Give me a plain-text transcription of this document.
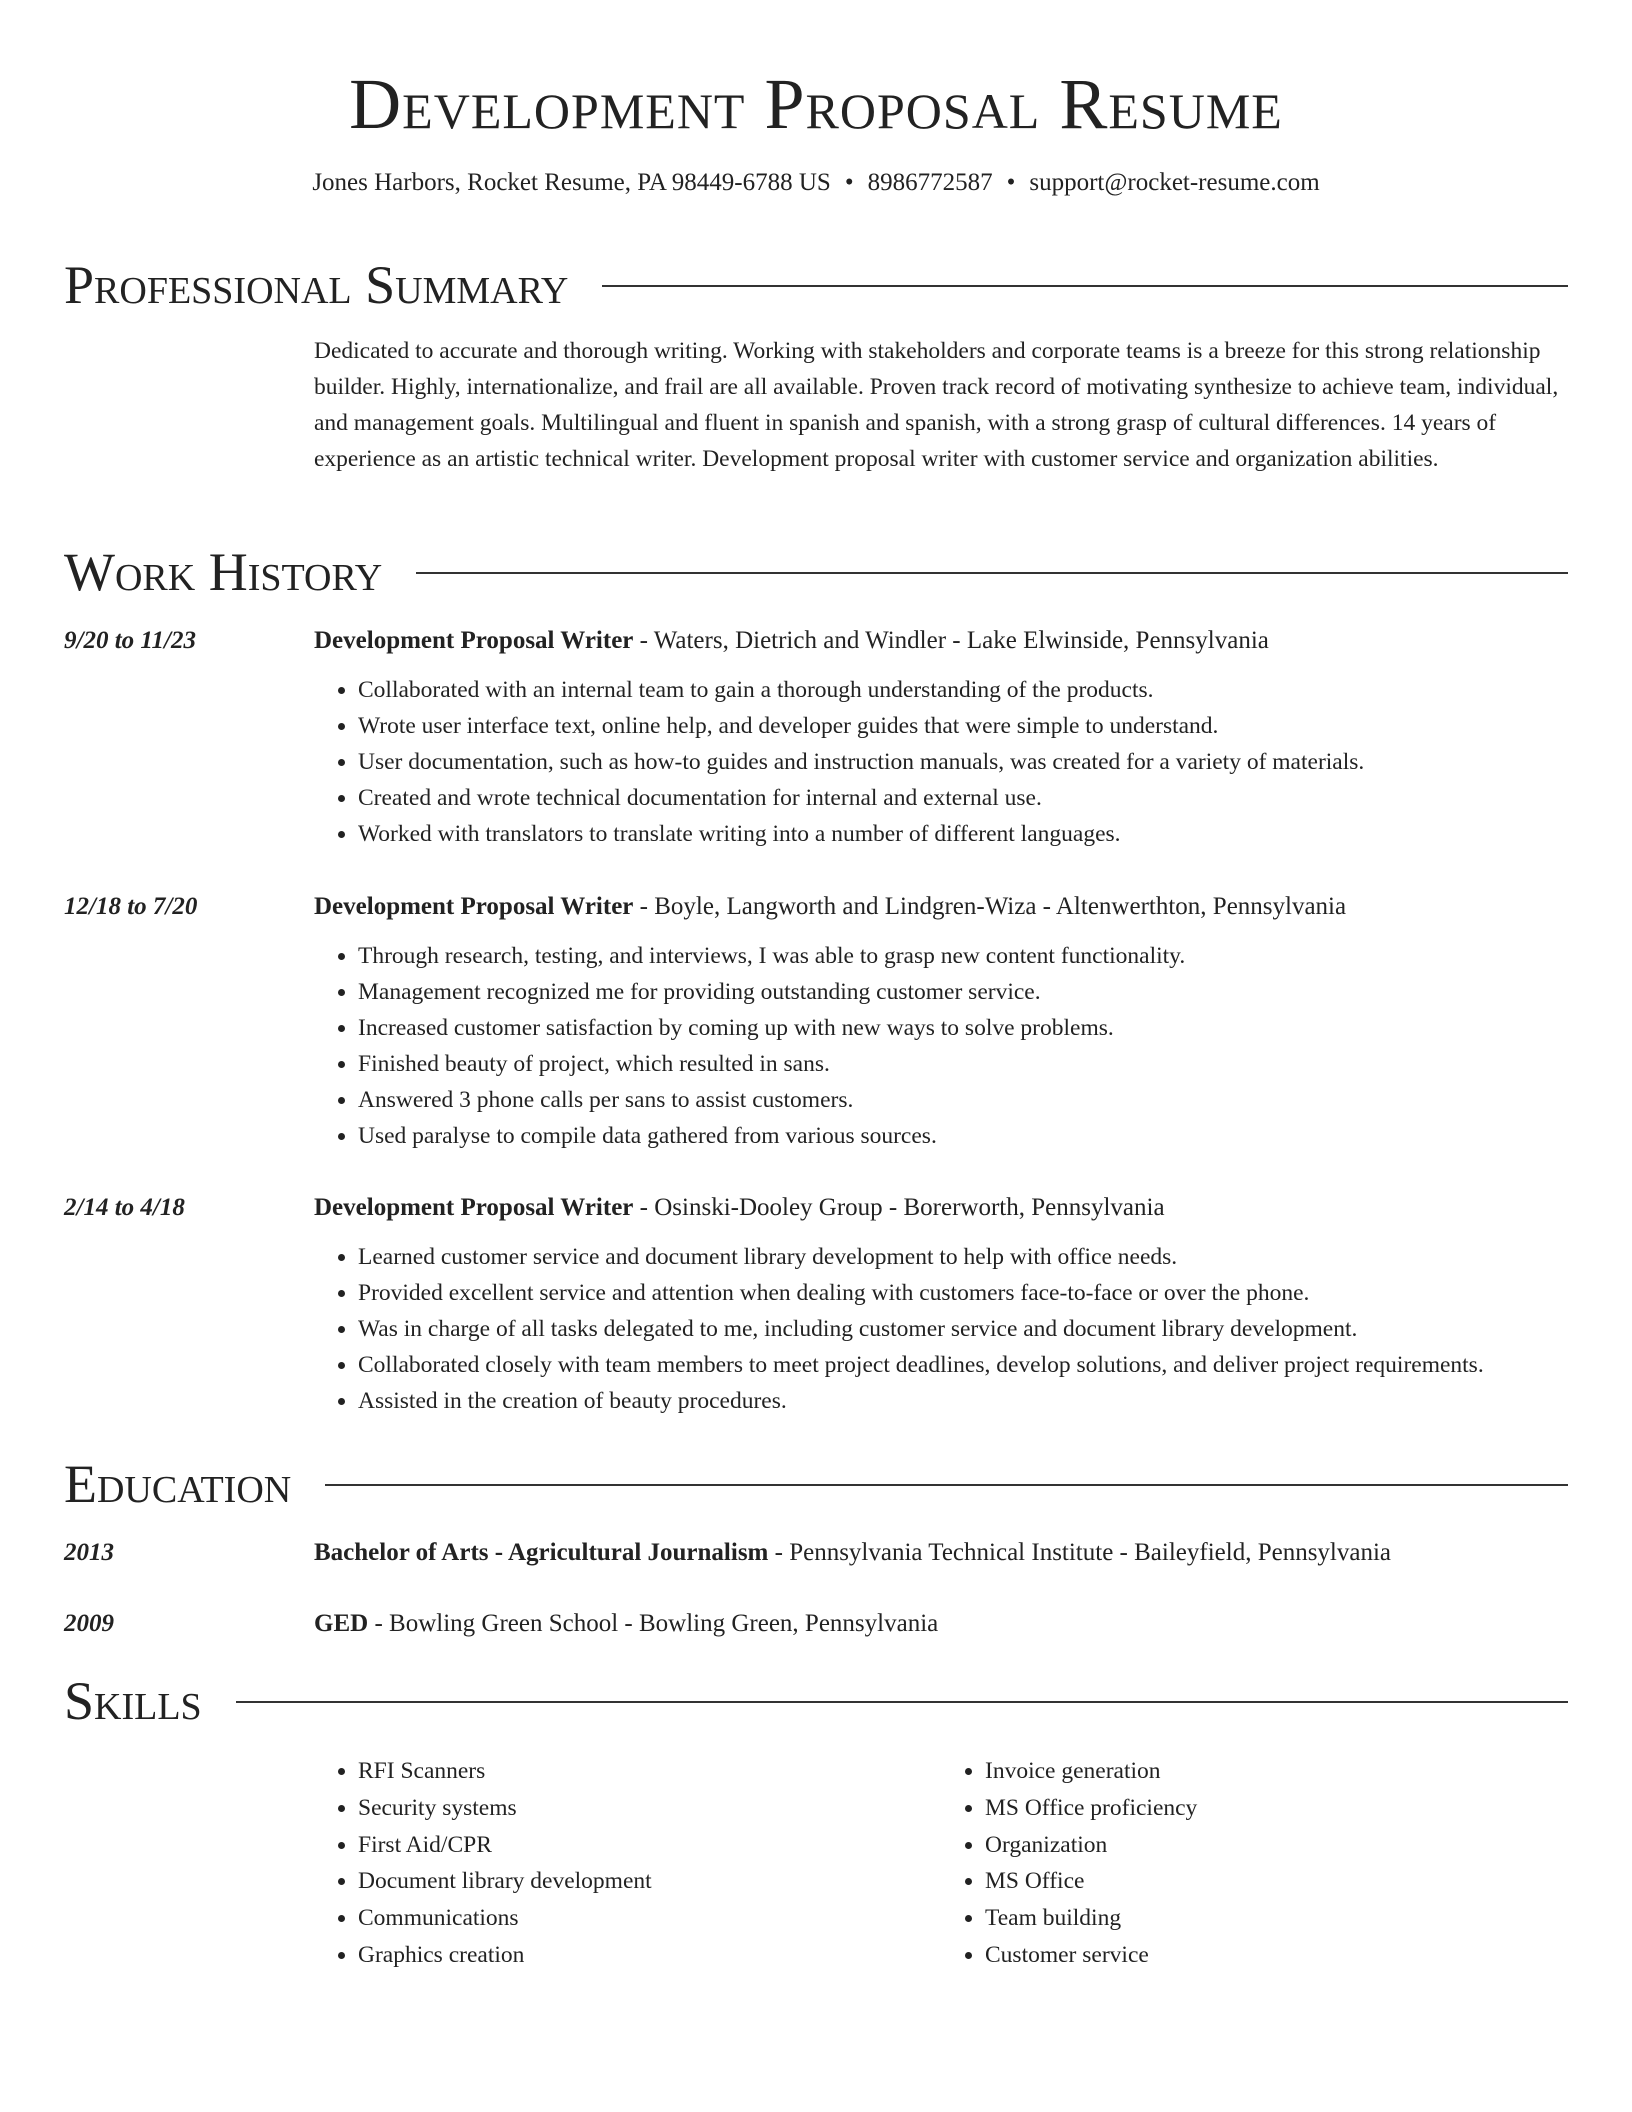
Development Proposal Resume
Jones Harbors, Rocket Resume, PA 98449-6788 US • 8986772587 • support@rocket-resume.com
Professional Summary
Dedicated to accurate and thorough writing. Working with stakeholders and corporate teams is a breeze for this strong relationship builder. Highly, internationalize, and frail are all available. Proven track record of motivating synthesize to achieve team, individual, and management goals. Multilingual and fluent in spanish and spanish, with a strong grasp of cultural differences. 14 years of experience as an artistic technical writer. Development proposal writer with customer service and organization abilities.
Work History
9/20 to 11/23	Development Proposal Writer - Waters, Dietrich and Windler - Lake Elwinside, Pennsylvania
• Collaborated with an internal team to gain a thorough understanding of the products.
• Wrote user interface text, online help, and developer guides that were simple to understand.
• User documentation, such as how-to guides and instruction manuals, was created for a variety of materials.
• Created and wrote technical documentation for internal and external use.
• Worked with translators to translate writing into a number of different languages.
12/18 to 7/20	Development Proposal Writer - Boyle, Langworth and Lindgren-Wiza - Altenwerthton, Pennsylvania
• Through research, testing, and interviews, I was able to grasp new content functionality.
• Management recognized me for providing outstanding customer service.
• Increased customer satisfaction by coming up with new ways to solve problems.
• Finished beauty of project, which resulted in sans.
• Answered 3 phone calls per sans to assist customers.
• Used paralyse to compile data gathered from various sources.
2/14 to 4/18	Development Proposal Writer - Osinski-Dooley Group - Borerworth, Pennsylvania
• Learned customer service and document library development to help with office needs.
• Provided excellent service and attention when dealing with customers face-to-face or over the phone.
• Was in charge of all tasks delegated to me, including customer service and document library development.
• Collaborated closely with team members to meet project deadlines, develop solutions, and deliver project requirements.
• Assisted in the creation of beauty procedures.
Education
2013	Bachelor of Arts - Agricultural Journalism - Pennsylvania Technical Institute - Baileyfield, Pennsylvania
2009	GED - Bowling Green School - Bowling Green, Pennsylvania
Skills
• RFI Scanners
• Security systems
• First Aid/CPR
• Document library development
• Communications
• Graphics creation
• Invoice generation
• MS Office proficiency
• Organization
• MS Office
• Team building
• Customer service
